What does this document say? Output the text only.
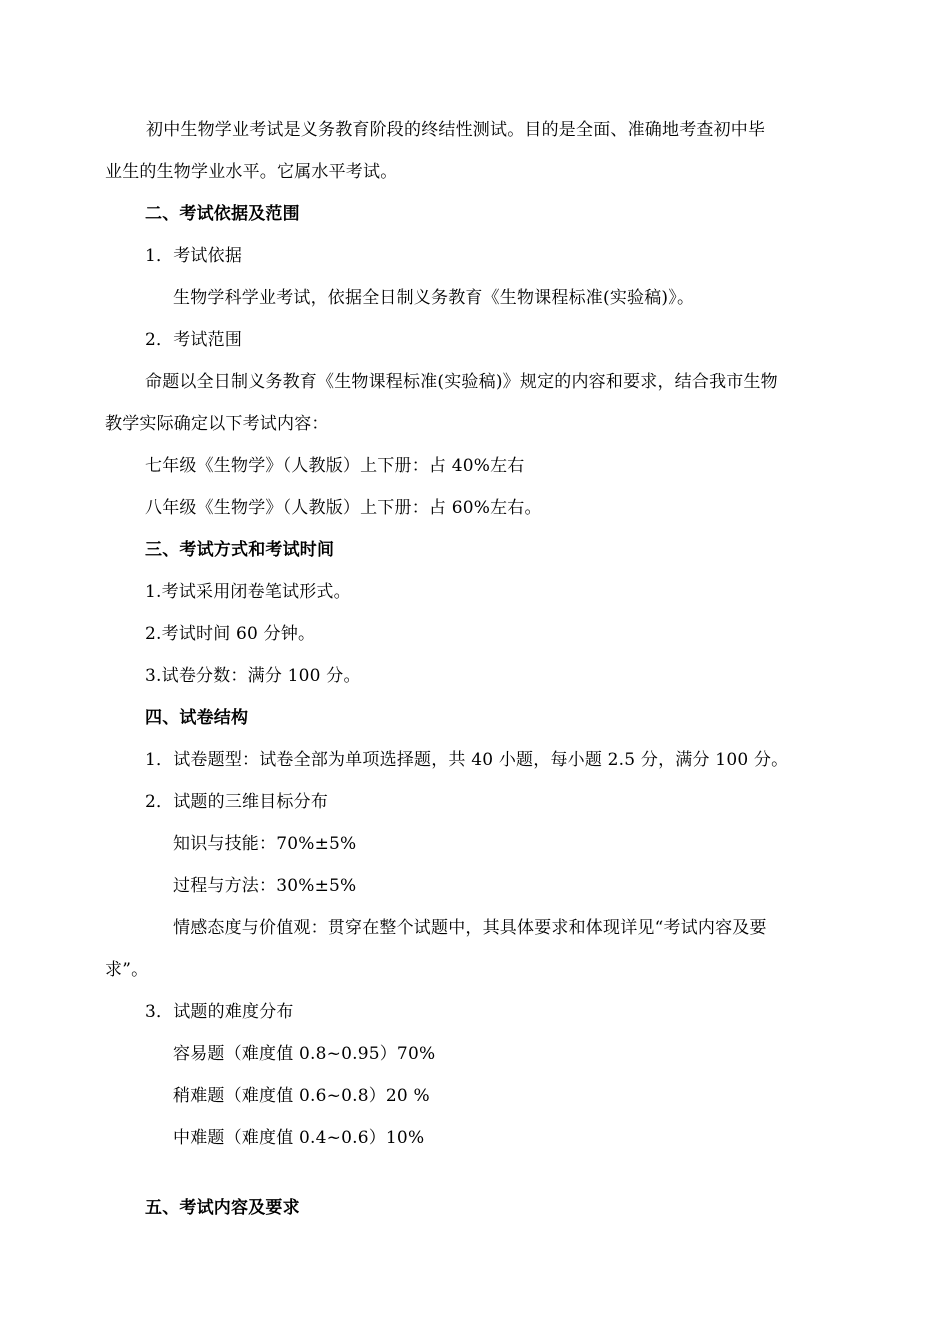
初中生物学业考试是义务教育阶段的终结性测试。目的是全面、准确地考查初中毕
业生的生物学业水平。它属水平考试。
二、考试依据及范围
1．考试依据
生物学科学业考试，依据全日制义务教育《生物课程标准(实验稿)》。
2．考试范围
命题以全日制义务教育《生物课程标准(实验稿)》规定的内容和要求，结合我市生物
教学实际确定以下考试内容：
七年级《生物学》（人教版）上下册：占 40%左右
八年级《生物学》（人教版）上下册：占 60%左右。
三、考试方式和考试时间
1.考试采用闭卷笔试形式。
2.考试时间 60 分钟。
3.试卷分数：满分 100 分。
四、试卷结构
1．试卷题型：试卷全部为单项选择题，共 40 小题，每小题 2.5 分，满分 100 分。
2．试题的三维目标分布
知识与技能：70%±5%
过程与方法：30%±5%
情感态度与价值观：贯穿在整个试题中，其具体要求和体现详见“考试内容及要
求”。
3．试题的难度分布
容易题（难度值 0.8~0.95）70%
稍难题（难度值 0.6~0.8）20 %
中难题（难度值 0.4~0.6）10%
五、考试内容及要求
